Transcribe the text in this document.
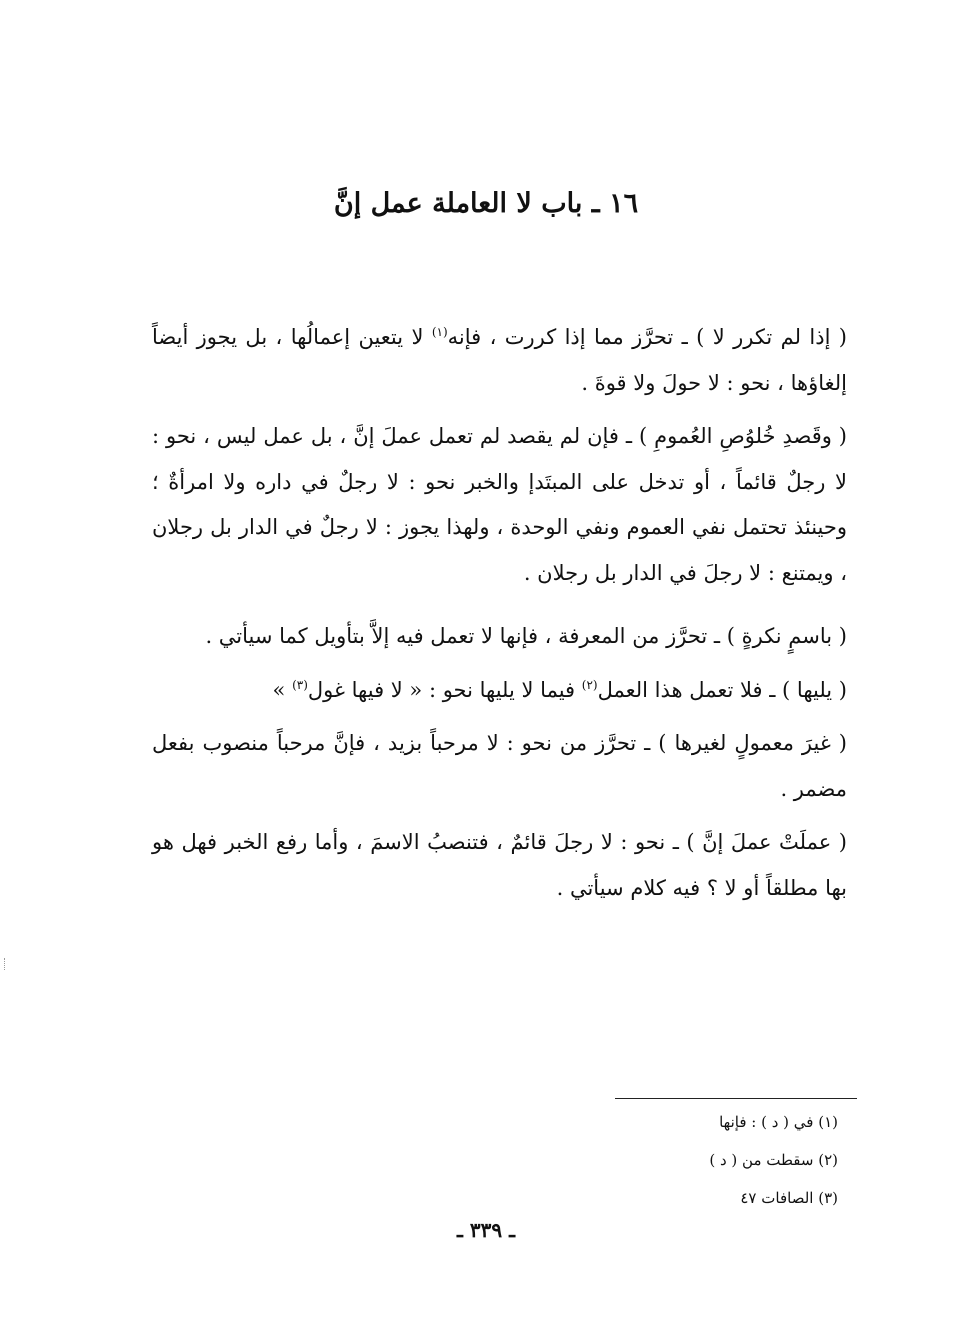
١٦ ـ باب لا العاملة عمل إنَّ

( إذا لم تكرر لا ) ـ تحرَّز مما إذا كررت ، فإنه$^{(١)}$ لا يتعين إعمالُها ، بل يجوز أيضاً إلغاؤها ، نحو : لا حولَ ولا قوةَ .

( وقَصدِ خُلوُصِ العُمومِ ) ـ فإن لم يقصد لم تعمل عملَ إنَّ ، بل عمل ليس ، نحو : لا رجلٌ قائماً ، أو تدخل على المبتَدإ والخبر نحو : لا رجلٌ في داره ولا امرأةٌ ؛ وحينئذ تحتمل نفي العموم ونفي الوحدة ، ولهذا يجوز : لا رجلٌ في الدار بل رجلان ، ويمتنع : لا رجلَ في الدار بل رجلان .

( باسمٍ نكرةٍ ) ـ تحرَّز من المعرفة ، فإنها لا تعمل فيه إلاَّ بتأويل كما سيأتي .

( يليها ) ـ فلا تعمل هذا العمل$^{(٢)}$ فيما لا يليها نحو : « لا فيها غول$^{(٣)}$ »

( غيرَ معمولٍ لغيرها ) ـ تحرَّز من نحو : لا مرحباً بزيد ، فإنَّ مرحباً منصوب بفعل مضمر .

( عملَتْ عملَ إنَّ ) ـ نحو : لا رجلَ قائمٌ ، فتنصبُ الاسمَ ، وأما رفع الخبر فهل هو بها مطلقاً أو لا ؟ فيه كلام سيأتي .

(١) في ( د ) : فإنها
(٢) سقطت من ( د )
(٣) الصافات ٤٧
ـ ٣٣٩ ـ
